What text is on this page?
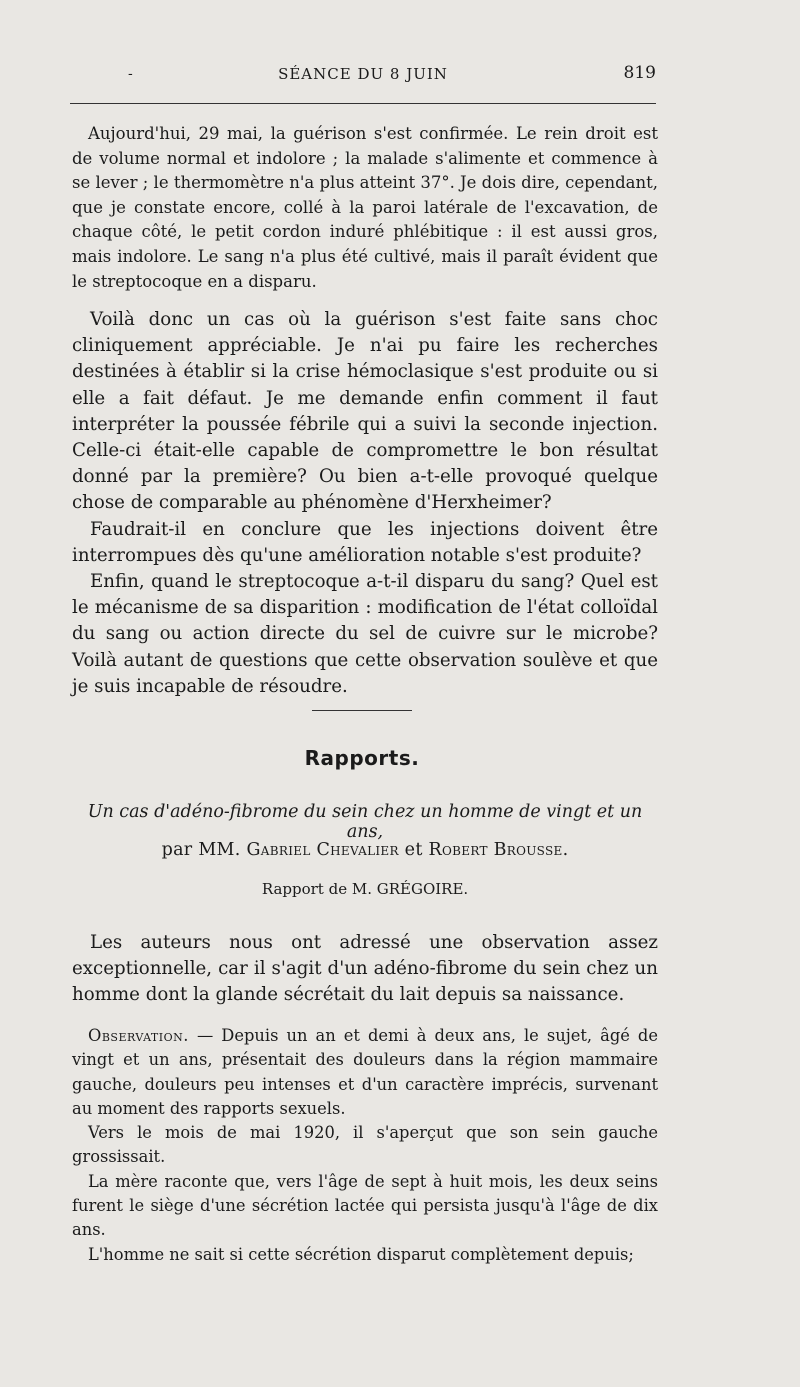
-	SÉANCE DU 8 JUIN	819

Aujourd'hui, 29 mai, la guérison s'est confirmée. Le rein droit est de volume normal et indolore ; la malade s'alimente et commence à se lever ; le thermomètre n'a plus atteint 37°. Je dois dire, cependant, que je constate encore, collé à la paroi latérale de l'excavation, de chaque côté, le petit cordon induré phlébitique : il est aussi gros, mais indolore. Le sang n'a plus été cultivé, mais il paraît évident que le streptocoque en a disparu.

Voilà donc un cas où la guérison s'est faite sans choc cliniquement appréciable. Je n'ai pu faire les recherches destinées à établir si la crise hémoclasique s'est produite ou si elle a fait défaut. Je me demande enfin comment il faut interpréter la poussée fébrile qui a suivi la seconde injection. Celle-ci était-elle capable de compromettre le bon résultat donné par la première? Ou bien a-t-elle provoqué quelque chose de comparable au phénomène d'Herxheimer?

Faudrait-il en conclure que les injections doivent être interrompues dès qu'une amélioration notable s'est produite?

Enfin, quand le streptocoque a-t-il disparu du sang? Quel est le mécanisme de sa disparition : modification de l'état colloïdal du sang ou action directe du sel de cuivre sur le microbe? Voilà autant de questions que cette observation soulève et que je suis incapable de résoudre.

Rapports.
Un cas d'adéno-fibrome du sein chez un homme de vingt et un ans,
par MM. Gabriel Chevalier et Robert Brousse.
Rapport de M. GRÉGOIRE.

Les auteurs nous ont adressé une observation assez exceptionnelle, car il s'agit d'un adéno-fibrome du sein chez un homme dont la glande sécrétait du lait depuis sa naissance.

Observation. — Depuis un an et demi à deux ans, le sujet, âgé de vingt et un ans, présentait des douleurs dans la région mammaire gauche, douleurs peu intenses et d'un caractère imprécis, survenant au moment des rapports sexuels.

Vers le mois de mai 1920, il s'aperçut que son sein gauche grossissait.

La mère raconte que, vers l'âge de sept à huit mois, les deux seins furent le siège d'une sécrétion lactée qui persista jusqu'à l'âge de dix ans.

L'homme ne sait si cette sécrétion disparut complètement depuis;
